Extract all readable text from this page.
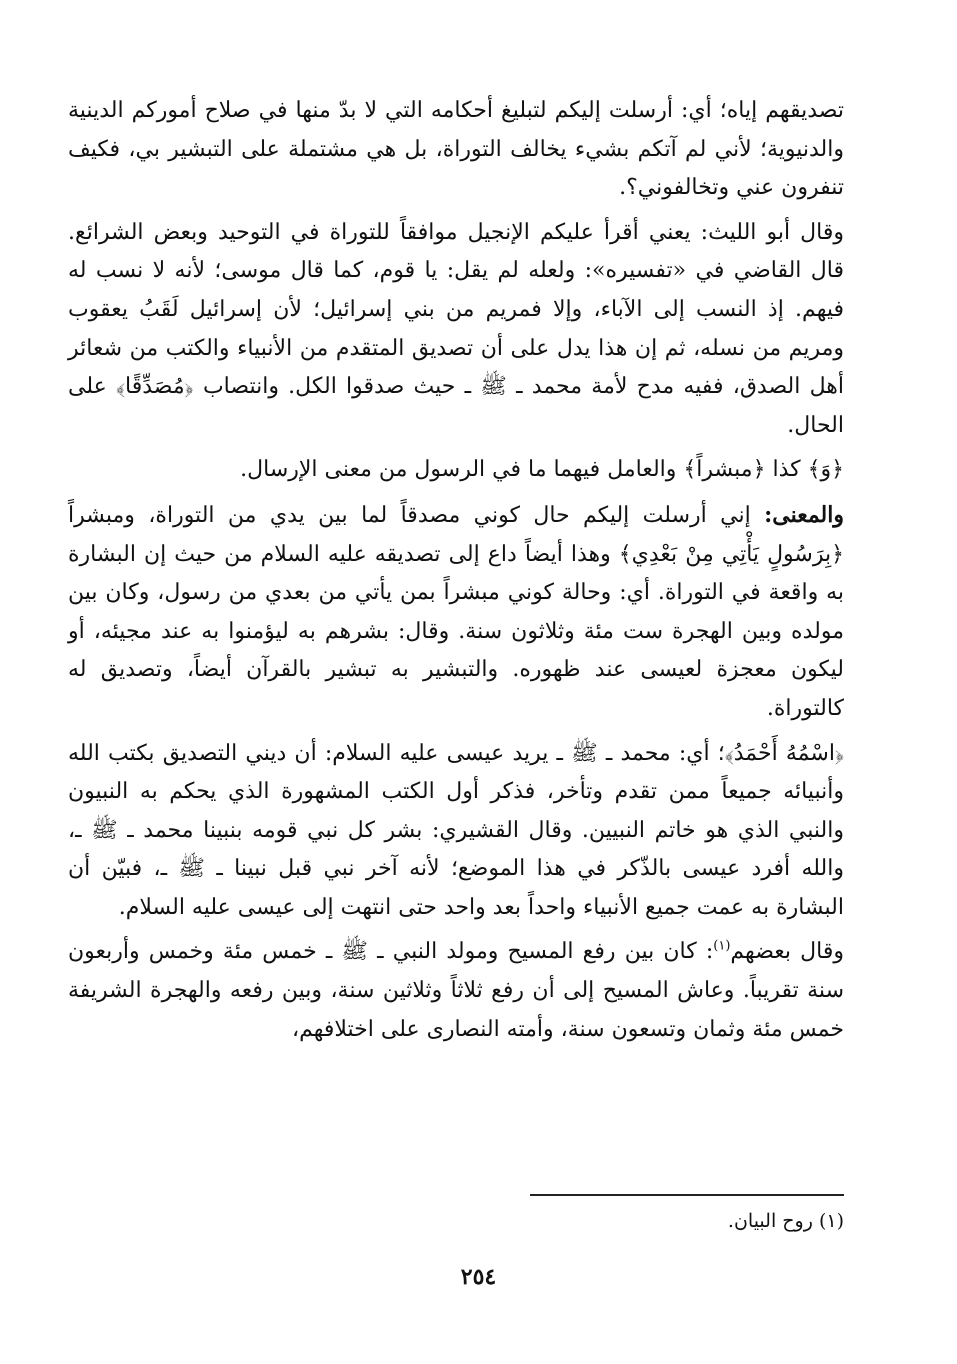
تصديقهم إياه؛ أي: أرسلت إليكم لتبليغ أحكامه التي لا بدّ منها في صلاح أموركم الدينية والدنيوية؛ لأني لم آتكم بشيء يخالف التوراة، بل هي مشتملة على التبشير بي، فكيف تنفرون عني وتخالفوني؟.

وقال أبو الليث: يعني أقرأ عليكم الإنجيل موافقاً للتوراة في التوحيد وبعض الشرائع. قال القاضي في «تفسيره»: ولعله لم يقل: يا قوم، كما قال موسى؛ لأنه لا نسب له فيهم. إذ النسب إلى الآباء، وإلا فمريم من بني إسرائيل؛ لأن إسرائيل لَقَبُ يعقوب ومريم من نسله، ثم إن هذا يدل على أن تصديق المتقدم من الأنبياء والكتب من شعائر أهل الصدق، ففيه مدح لأمة محمد ـ ﷺ ـ حيث صدقوا الكل. وانتصاب ﴿مُصَدِّقًا﴾ على الحال.

﴿وَ﴾ كذا ﴿مبشراً﴾ والعامل فيهما ما في الرسول من معنى الإرسال.

والمعنى: إني أرسلت إليكم حال كوني مصدقاً لما بين يدي من التوراة، ومبشراً ﴿بِرَسُولٍ يَأْتِي مِنْ بَعْدِي﴾ وهذا أيضاً داع إلى تصديقه عليه السلام من حيث إن البشارة به واقعة في التوراة. أي: وحالة كوني مبشراً بمن يأتي من بعدي من رسول، وكان بين مولده وبين الهجرة ست مئة وثلاثون سنة. وقال: بشرهم به ليؤمنوا به عند مجيئه، أو ليكون معجزة لعيسى عند ظهوره. والتبشير به تبشير بالقرآن أيضاً، وتصديق له كالتوراة.

﴿اسْمُهُ أَحْمَدُ﴾؛ أي: محمد ـ ﷺ ـ يريد عيسى عليه السلام: أن ديني التصديق بكتب الله وأنبيائه جميعاً ممن تقدم وتأخر، فذكر أول الكتب المشهورة الذي يحكم به النبيون والنبي الذي هو خاتم النبيين. وقال القشيري: بشر كل نبي قومه بنبينا محمد ـ ﷺ ـ، والله أفرد عيسى بالذّكر في هذا الموضع؛ لأنه آخر نبي قبل نبينا ـ ﷺ ـ، فبيّن أن البشارة به عمت جميع الأنبياء واحداً بعد واحد حتى انتهت إلى عيسى عليه السلام.

وقال بعضهم$^{(١)}$: كان بين رفع المسيح ومولد النبي ـ ﷺ ـ خمس مئة وخمس وأربعون سنة تقريباً. وعاش المسيح إلى أن رفع ثلاثاً وثلاثين سنة، وبين رفعه والهجرة الشريفة خمس مئة وثمان وتسعون سنة، وأمته النصارى على اختلافهم،

(١) روح البيان.
٢٥٤
